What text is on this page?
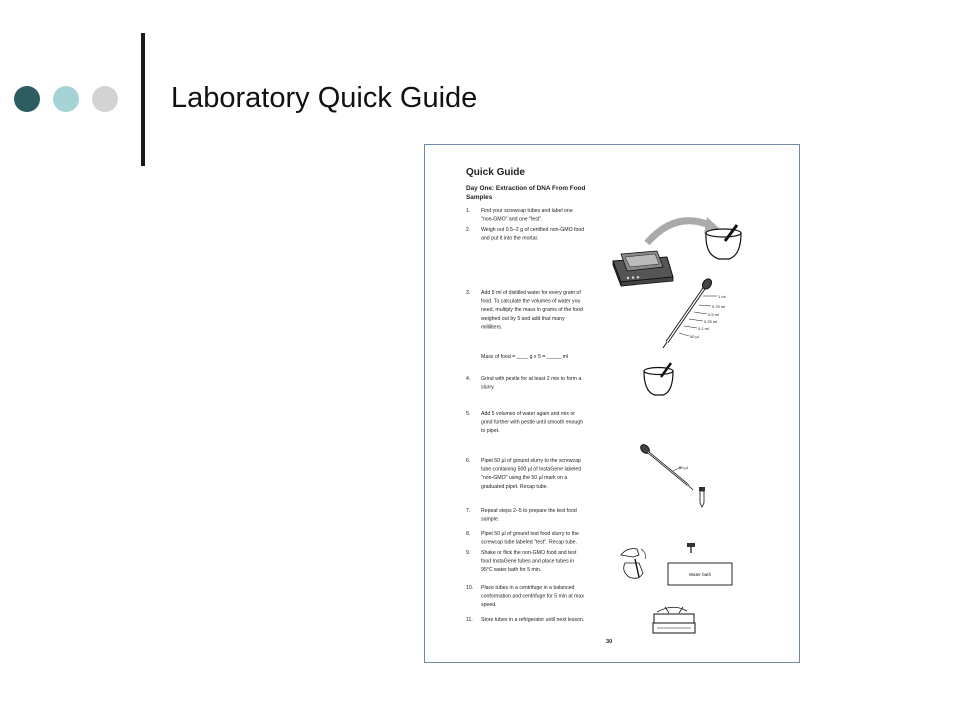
Laboratory Quick Guide
Quick Guide
Day One: Extraction of DNA From Food
Samples
1. Find your screwcap tubes and label one
"non-GMO" and one "test".
2. Weigh out 0.5–2 g of certified non-GMO food
and put it into the mortar.
3. Add 5 ml of distilled water for every gram of
food. To calculate the volumes of water you
need, multiply the mass in grams of the food
weighed out by 5 and add that many
milliliters.
4. Grind with pestle for at least 2 min to form a
slurry.
5. Add 5 volumes of water again and mix or
grind further with pestle until smooth enough
to pipet.
6. Pipet 50 µl of ground slurry to the screwcap
tube containing 500 µl of InstaGene labeled
"non-GMO" using the 50 µl mark on a
graduated pipet. Recap tube.
7. Repeat steps 2–5 to prepare the test food
sample.
8. Pipet 50 µl of ground test food slurry to the
screwcap tube labeled "test". Recap tube.
9. Shake or flick the non-GMO food and test
food InstaGene tubes and place tubes in
95°C water bath for 5 min.
10. Place tubes in a centrifuge in a balanced
conformation and centrifuge for 5 min at max
speed.
11. Store tubes in a refrigerator until next lesson.
Mass of food = ____ g x 5 = _____ ml
1 ml
0.75 ml
0.5 ml
0.25 ml
0.1 ml
50 µl
50 µl
Water bath
30
